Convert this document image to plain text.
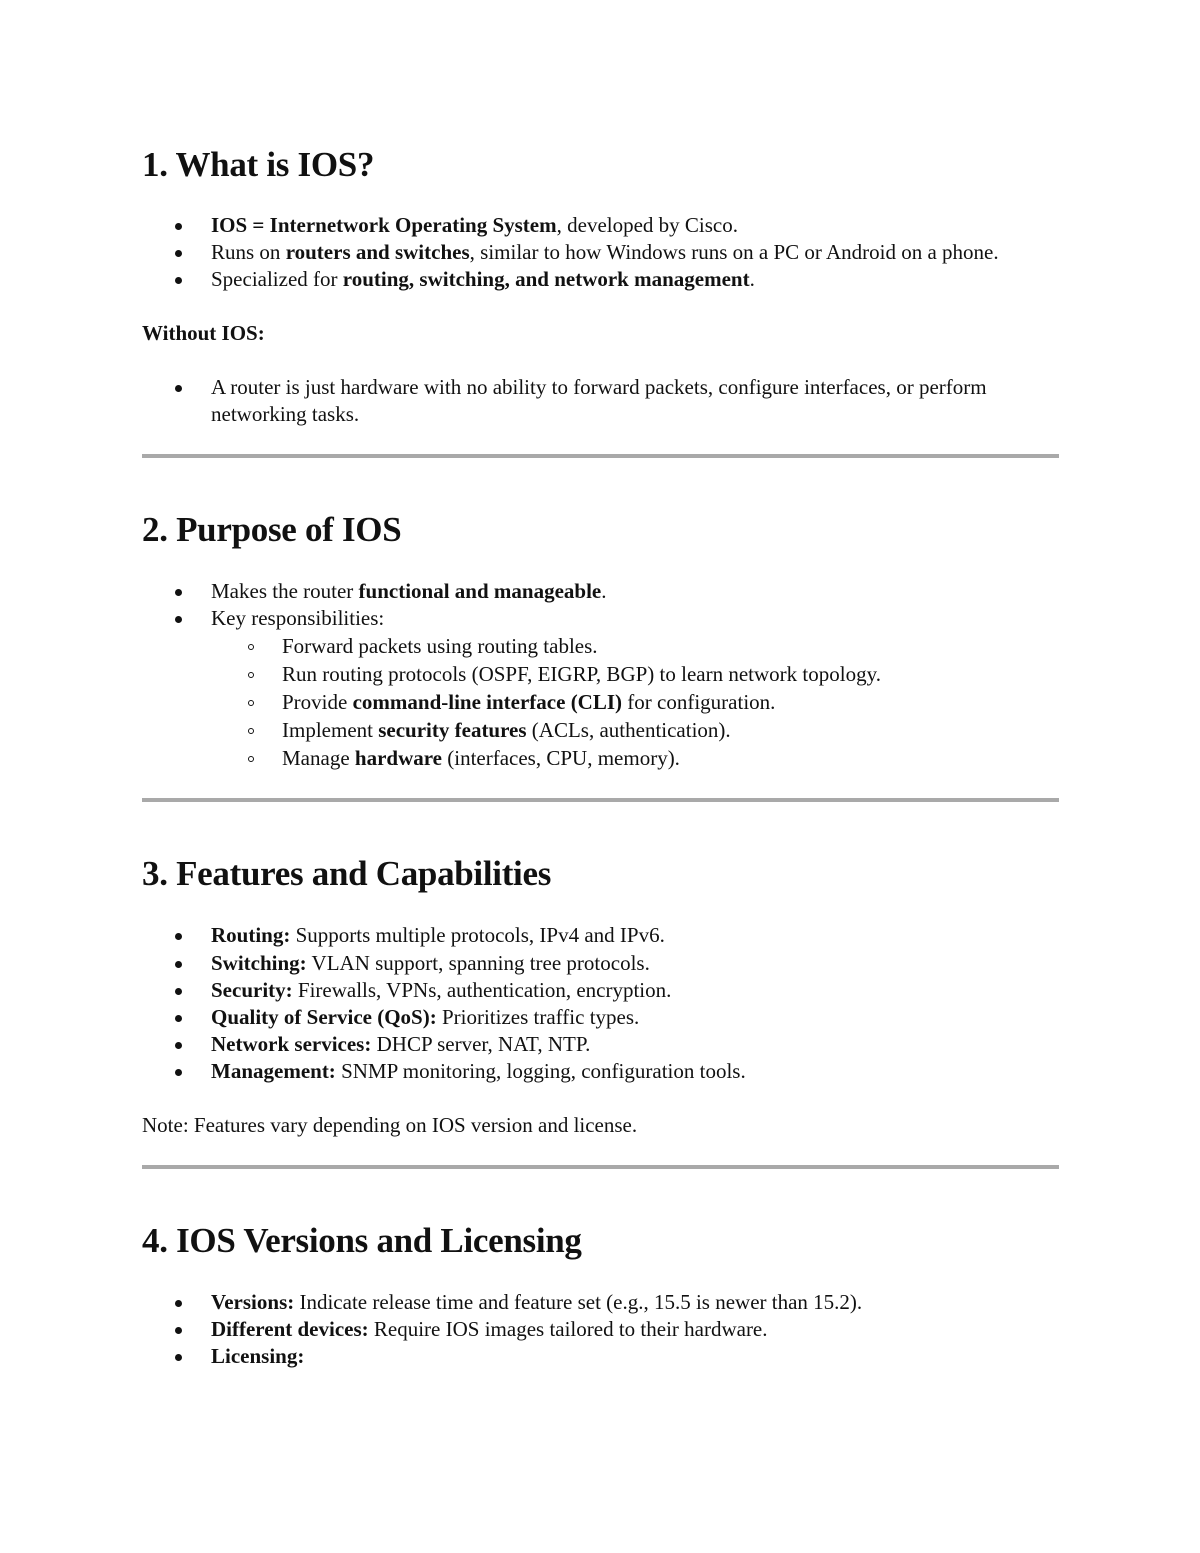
1. What is IOS?
IOS = Internetwork Operating System, developed by Cisco.
Runs on routers and switches, similar to how Windows runs on a PC or Android on a phone.
Specialized for routing, switching, and network management.

Without IOS:

A router is just hardware with no ability to forward packets, configure interfaces, or perform networking tasks.
2. Purpose of IOS
Makes the router functional and manageable.
Key responsibilities:
Forward packets using routing tables.
Run routing protocols (OSPF, EIGRP, BGP) to learn network topology.
Provide command-line interface (CLI) for configuration.
Implement security features (ACLs, authentication).
Manage hardware (interfaces, CPU, memory).
3. Features and Capabilities
Routing: Supports multiple protocols, IPv4 and IPv6.
Switching: VLAN support, spanning tree protocols.
Security: Firewalls, VPNs, authentication, encryption.
Quality of Service (QoS): Prioritizes traffic types.
Network services: DHCP server, NAT, NTP.
Management: SNMP monitoring, logging, configuration tools.

Note: Features vary depending on IOS version and license.

4. IOS Versions and Licensing
Versions: Indicate release time and feature set (e.g., 15.5 is newer than 15.2).
Different devices: Require IOS images tailored to their hardware.
Licensing:
